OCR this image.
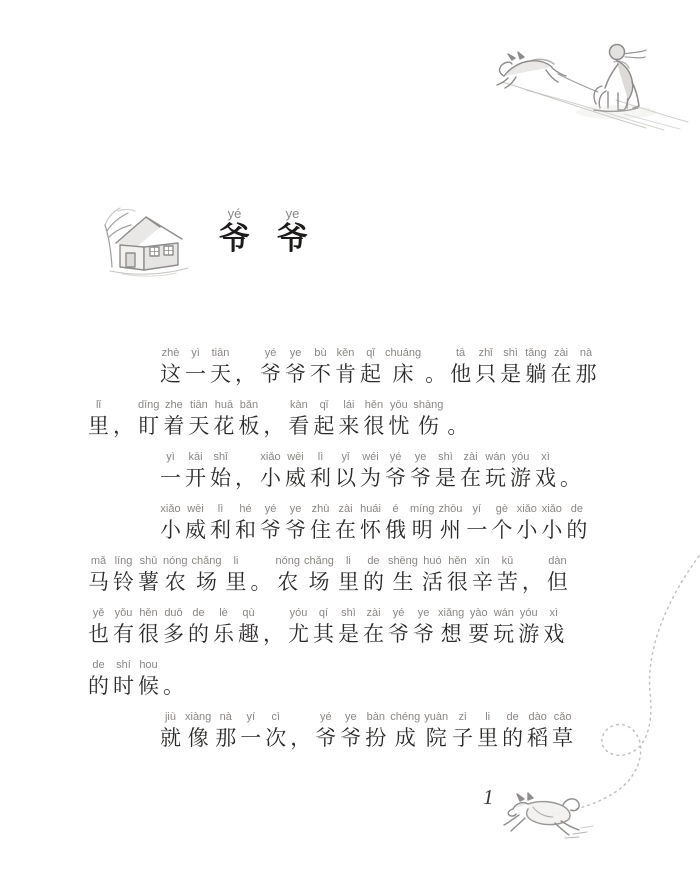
yé
爷
ye
爷
zhè
这
yì
一
tiān
天 ，
yé
爷
ye
爷
bù
不
kěn
肯
qǐ
起
chuáng
床 。
tā
他
zhǐ
只
shì
是
tǎng
躺
zài
在
nà
那
lǐ
里 ，
dīng
盯
zhe
着
tiān
天
huā
花
bǎn
板 ，
kàn
看
qǐ
起
lái
来
hěn
很
yōu
忧
shāng
伤 。
yì
一
kāi
开
shǐ
始 ，
xiǎo
小
wēi
威
lì
利
yǐ
以
wéi
为
yé
爷
ye
爷
shì
是
zài
在
wán
玩
yóu
游
xì
戏 。
xiǎo
小
wēi
威
lì
利
hé
和
yé
爷
ye
爷
zhù
住
zài
在
huái
怀
é
俄
míng
明
zhōu
州
yí
一
gè
个
xiǎo
小
xiǎo
小
de
的
mǎ
马
líng
铃
shǔ
薯
nóng
农
chǎng
场
li
里 。
nóng
农
chǎng
场
li
里
de
的
shēng
生
huó
活
hěn
很
xīn
辛
kǔ
苦 ，
dàn
但
yě
也
yǒu
有
hěn
很
duō
多
de
的
lè
乐
qù
趣 ，
yóu
尤
qí
其
shì
是
zài
在
yé
爷
ye
爷
xiǎng
想
yào
要
wán
玩
yóu
游
xì
戏
de
的
shí
时
hou
候 。
jiù
就
xiàng
像
nà
那
yí
一
cì
次 ，
yé
爷
ye
爷
bàn
扮
chéng
成
yuàn
院
zi
子
li
里
de
的
dào
稻
cǎo
草
1
